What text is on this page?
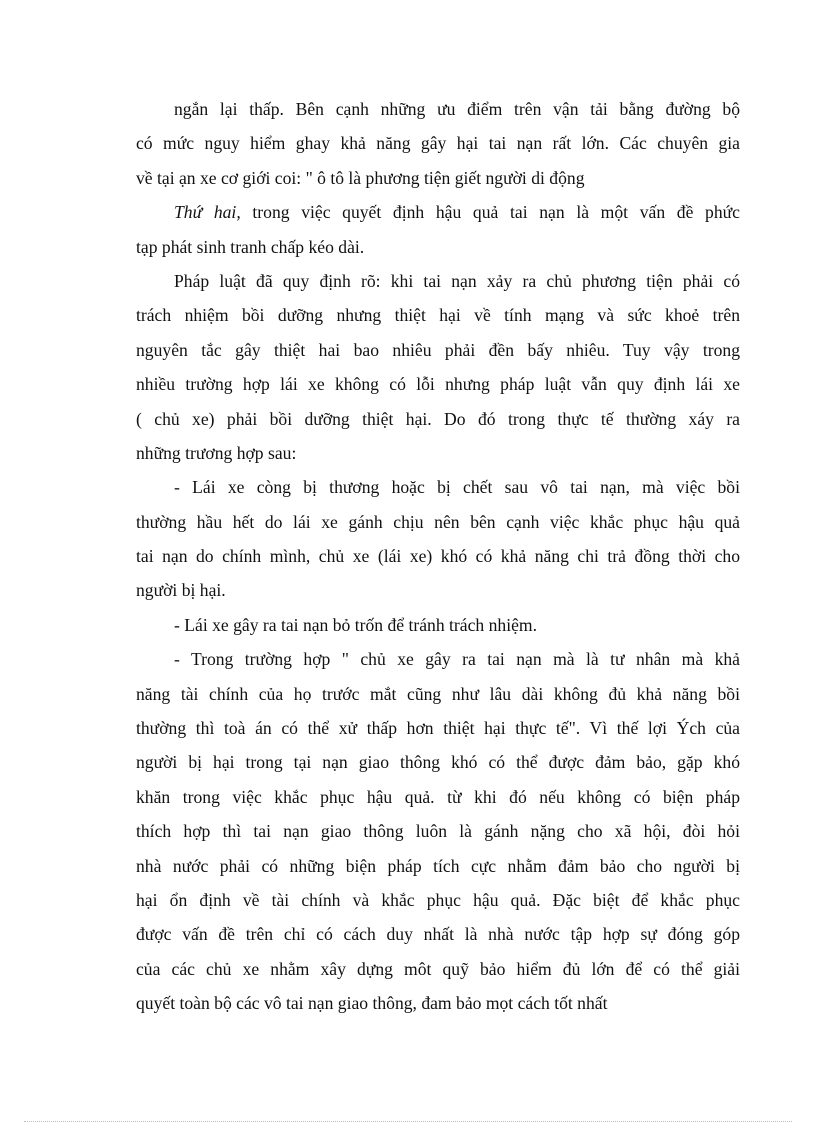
ngắn lại thấp. Bên cạnh những ưu điểm trên vận tải bằng đường bộ
có mức nguy hiểm ghay khả năng gây hại tai nạn rất lớn. Các chuyên gia
về tại ạn xe cơ giới coi: " ô tô là phương tiện giết người di động
Thứ hai, trong việc quyết định hậu quả tai nạn là một vấn đề phức
tạp phát sinh tranh chấp kéo dài.
Pháp luật đã quy định rõ: khi tai nạn xảy ra chủ phương tiện phải có
trách nhiệm bồi dưỡng nhưng thiệt hại về tính mạng và sức khoẻ trên
nguyên tắc gây thiệt hai bao nhiêu phải đền bấy nhiêu. Tuy vậy trong
nhiều trường hợp lái xe không có lỗi nhưng pháp luật vẫn quy định lái xe
( chủ xe) phải bồi dưỡng thiệt hại. Do đó trong thực tế thường xáy ra
những trương hợp sau:
- Lái xe còng bị thương hoặc bị chết sau vô tai nạn, mà việc bồi
thường hầu hết do lái xe gánh chịu nên bên cạnh việc khắc phục hậu quả
tai nạn do chính mình, chủ xe (lái xe) khó có khả năng chi trả đồng thời cho
người bị hại.
- Lái xe gây ra tai nạn bỏ trốn để tránh trách nhiệm.
- Trong trường hợp " chủ xe gây ra tai nạn mà là tư nhân mà khả
năng tài chính của họ trước mắt cũng như lâu dài không đủ khả năng bồi
thường thì toà án có thể xử thấp hơn thiệt hại thực tế". Vì thế lợi Ých của
người bị hại trong tại nạn giao thông khó có thể được đảm bảo, gặp khó
khăn trong việc khắc phục hậu quả. từ khi đó nếu không có biện pháp
thích hợp thì tai nạn giao thông luôn là gánh nặng cho xã hội, đòi hỏi
nhà nước phải có những biện pháp tích cực nhằm đảm bảo cho người bị
hại ổn định về tài chính và khắc phục hậu quả. Đặc biệt để khắc phục
được vấn đề trên chỉ có cách duy nhất là nhà nước tập hợp sự đóng góp
của các chủ xe nhằm xây dựng môt quỹ bảo hiểm đủ lớn để có thể giải
quyết toàn bộ các vô tai nạn giao thông, đam bảo mọt cách tốt nhất
